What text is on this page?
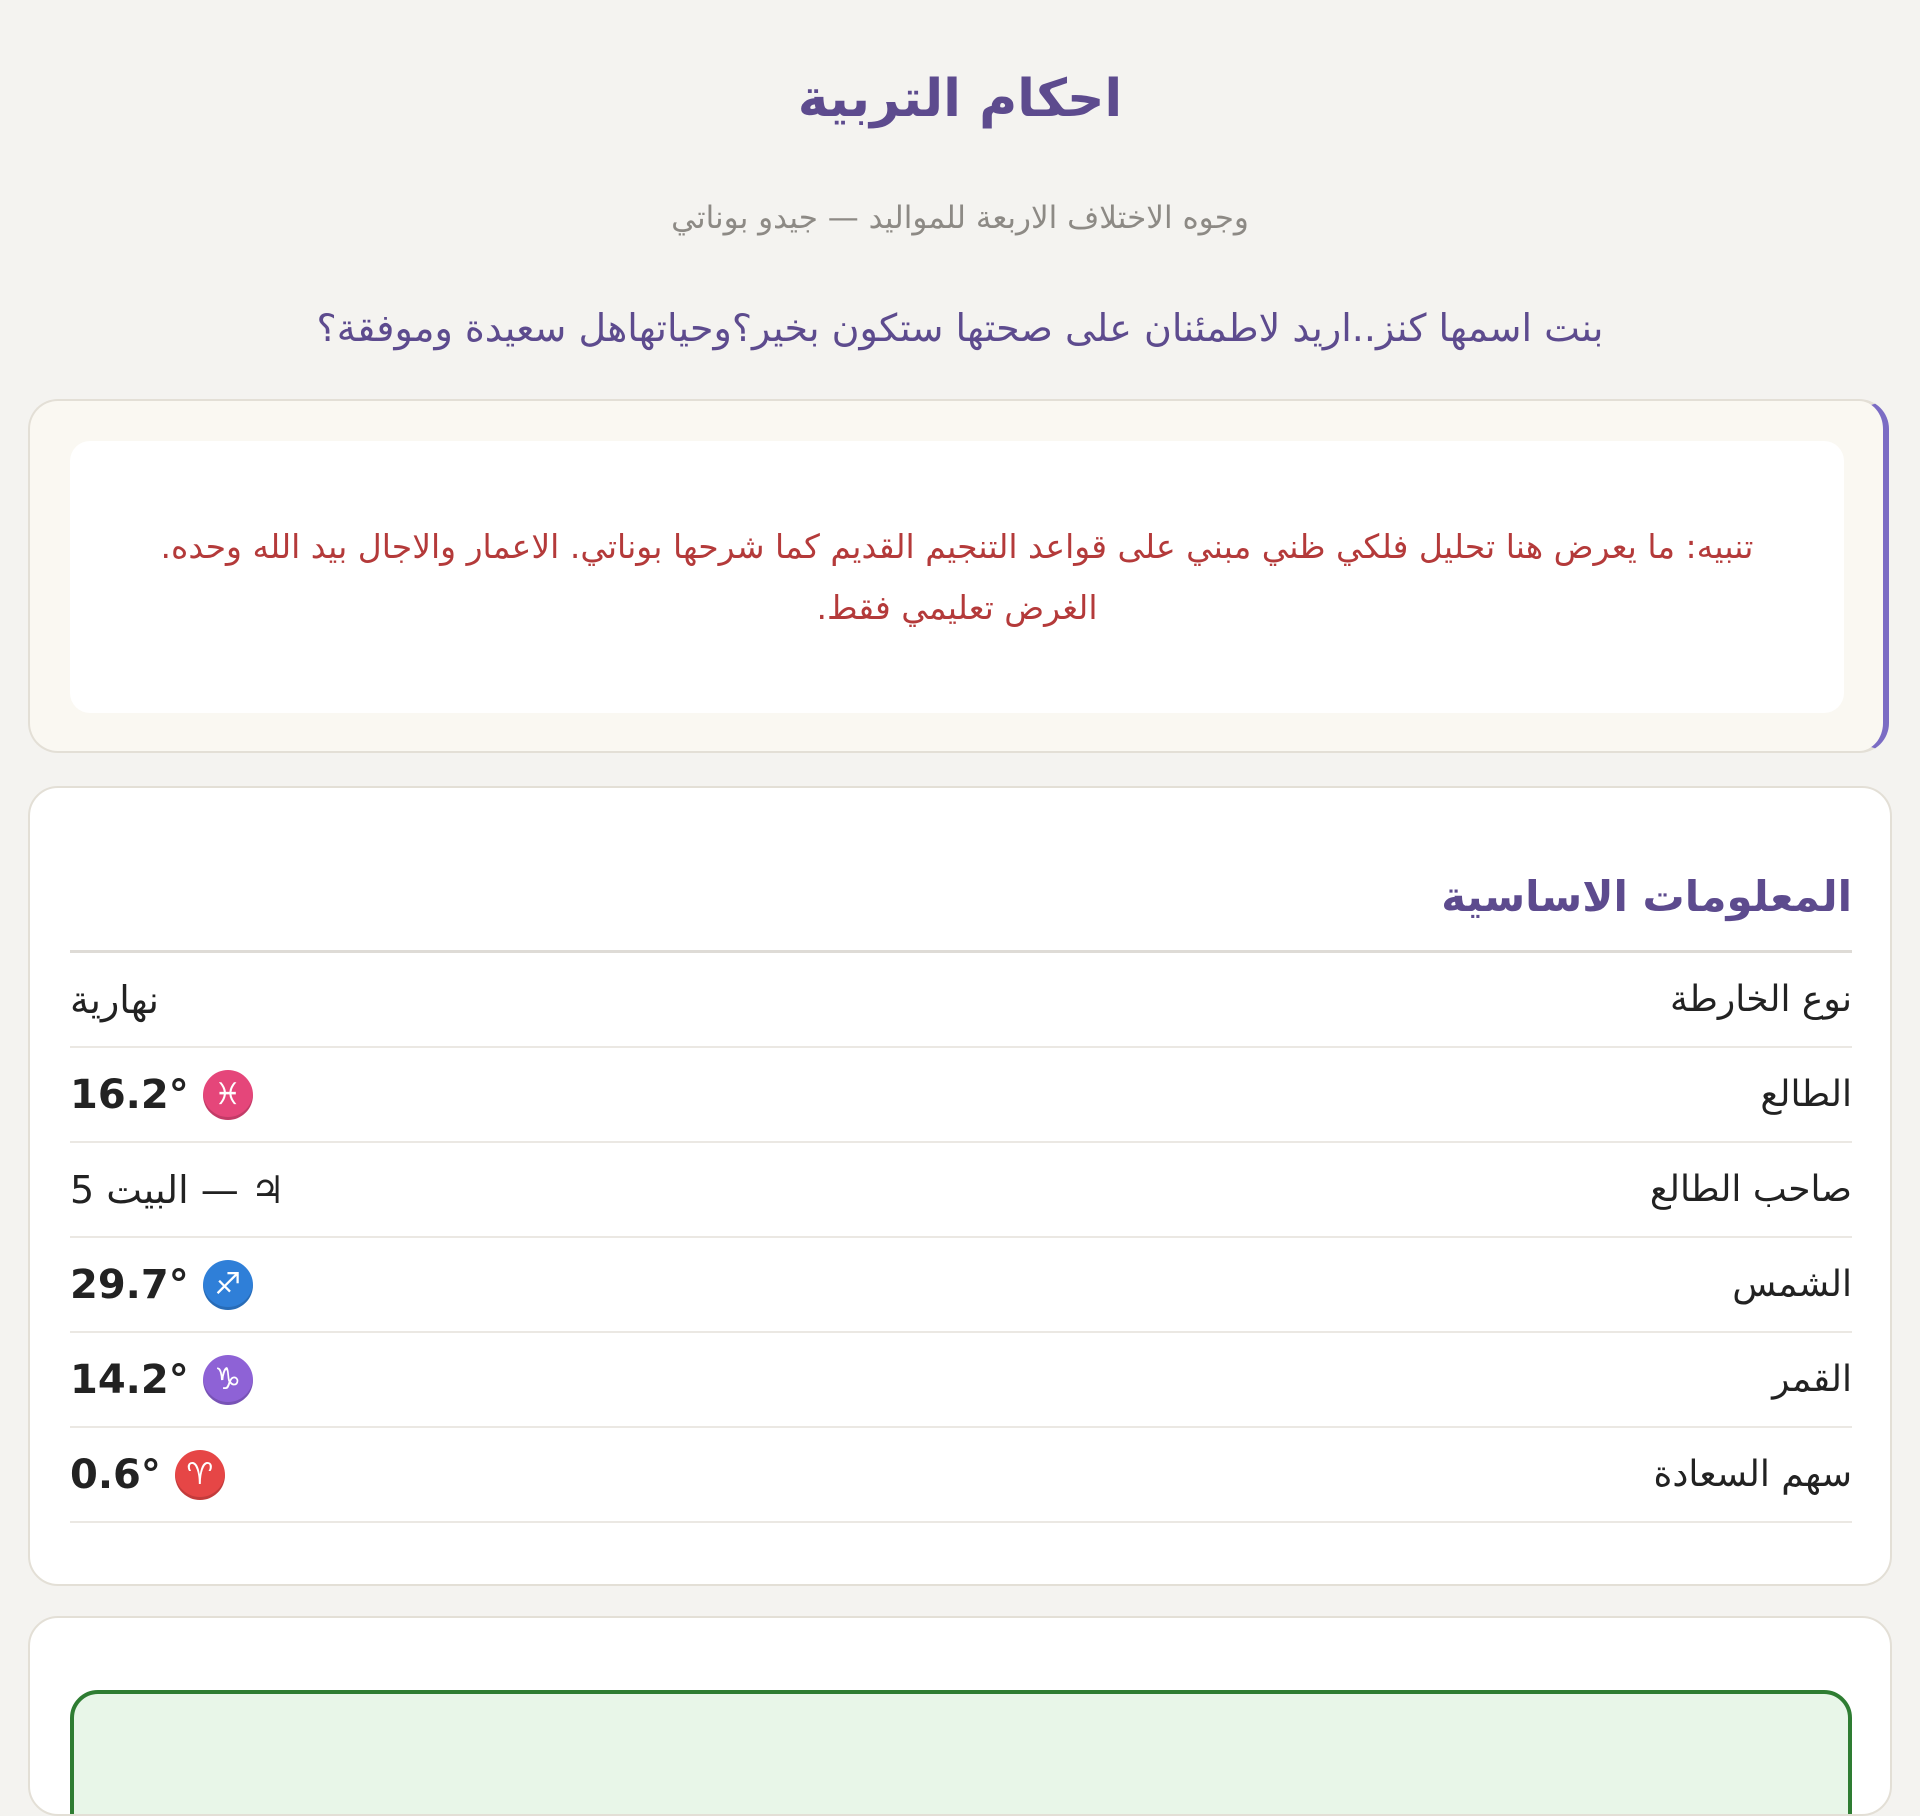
احكام التربية
وجوه الاختلاف الاربعة للمواليد — جيدو بوناتي
بنت اسمها كنز..اريد لاطمئنان على صحتها ستكون بخير؟وحياتهاهل سعيدة وموفقة؟
تنبيه: ما يعرض هنا تحليل فلكي ظني مبني على قواعد التنجيم القديم كما شرحها بوناتي. الاعمار والاجال بيد الله وحده. الغرض تعليمي فقط.
المعلومات الاساسية
نوع الخارطة
نهارية
الطالع
16.2° ♓
صاحب الطالع
♃ — البيت 5
الشمس
29.7° ♐
القمر
14.2° ♑
سهم السعادة
0.6° ♈
